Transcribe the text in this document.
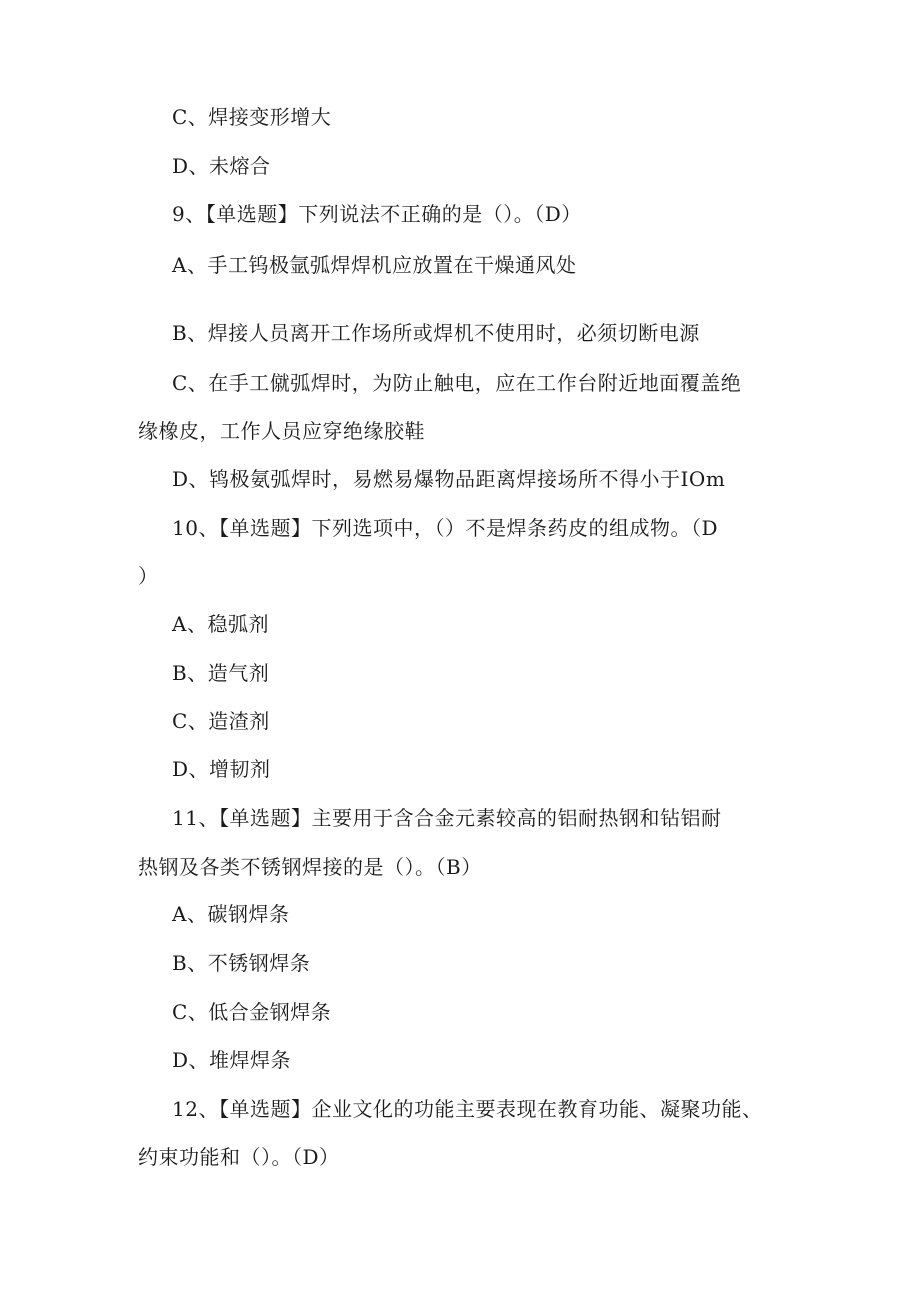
C、焊接变形增大
D、未熔合
9、【单选题】下列说法不正确的是（）。（D）
A、手工钨极氩弧焊焊机应放置在干燥通风处
B、焊接人员离开工作场所或焊机不使用时，必须切断电源
C、在手工僦弧焊时，为防止触电，应在工作台附近地面覆盖绝
缘橡皮，工作人员应穿绝缘胶鞋
D、鸨极氨弧焊时，易燃易爆物品距离焊接场所不得小于IOm
10、【单选题】下列选项中，（）不是焊条药皮的组成物。（D
）
A、稳弧剂
B、造气剂
C、造渣剂
D、增韧剂
11、【单选题】主要用于含合金元素较高的铝耐热钢和钻铝耐
热钢及各类不锈钢焊接的是（）。（B）
A、碳钢焊条
B、不锈钢焊条
C、低合金钢焊条
D、堆焊焊条
12、【单选题】企业文化的功能主要表现在教育功能、凝聚功能、
约束功能和（）。（D）
